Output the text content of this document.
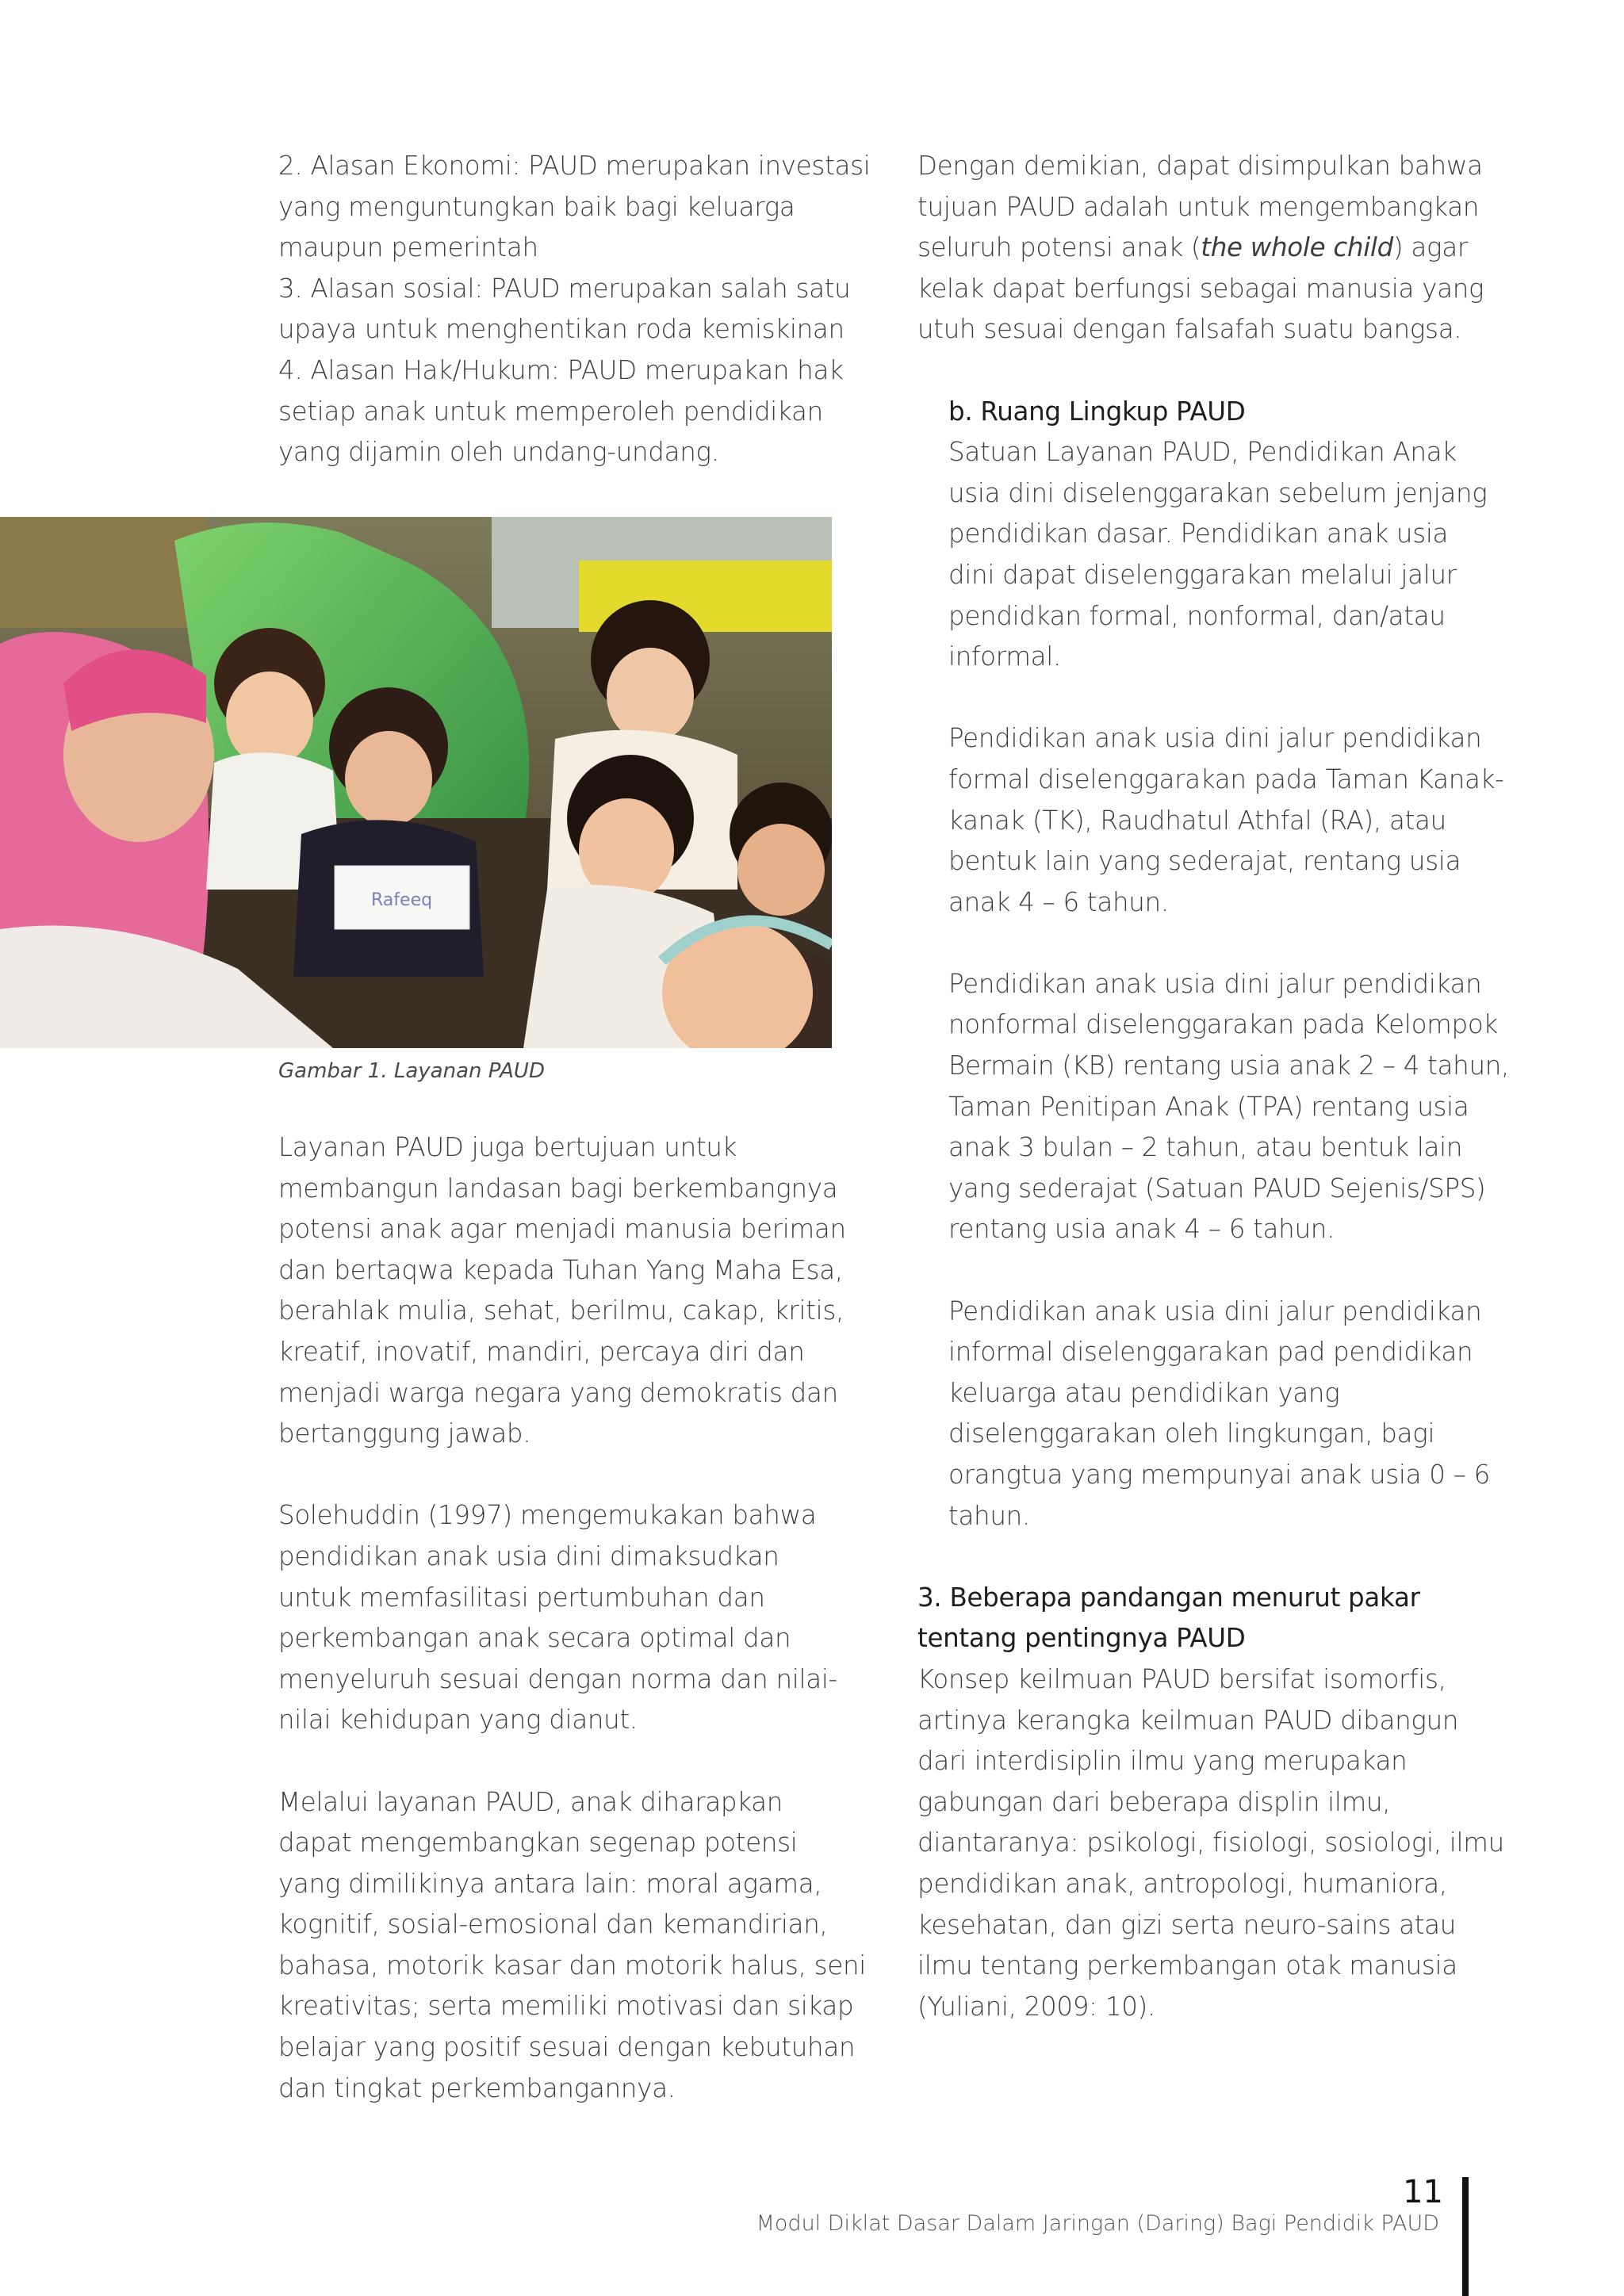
2. Alasan Ekonomi: PAUD merupakan investasi
yang menguntungkan baik bagi keluarga
maupun pemerintah
3. Alasan sosial: PAUD merupakan salah satu
upaya untuk menghentikan roda kemiskinan
4. Alasan Hak/Hukum: PAUD merupakan hak
setiap anak untuk memperoleh pendidikan
yang dijamin oleh undang-undang.

Rafeeq
Gambar 1. Layanan PAUD

Layanan PAUD juga bertujuan untuk
membangun landasan bagi berkembangnya
potensi anak agar menjadi manusia beriman
dan bertaqwa kepada Tuhan Yang Maha Esa,
berahlak mulia, sehat, berilmu, cakap, kritis,
kreatif, inovatif, mandiri, percaya diri dan
menjadi warga negara yang demokratis dan
bertanggung jawab.

Solehuddin (1997) mengemukakan bahwa
pendidikan anak usia dini dimaksudkan
untuk memfasilitasi pertumbuhan dan
perkembangan anak secara optimal dan
menyeluruh sesuai dengan norma dan nilai-
nilai kehidupan yang dianut.

Melalui layanan PAUD, anak diharapkan
dapat mengembangkan segenap potensi
yang dimilikinya antara lain: moral agama,
kognitif, sosial-emosional dan kemandirian,
bahasa, motorik kasar dan motorik halus, seni
kreativitas; serta memiliki motivasi dan sikap
belajar yang positif sesuai dengan kebutuhan
dan tingkat perkembangannya.

Dengan demikian, dapat disimpulkan bahwa
tujuan PAUD adalah untuk mengembangkan
seluruh potensi anak (the whole child) agar
kelak dapat berfungsi sebagai manusia yang
utuh sesuai dengan falsafah suatu bangsa.

b. Ruang Lingkup PAUD

Satuan Layanan PAUD, Pendidikan Anak
usia dini diselenggarakan sebelum jenjang
pendidikan dasar. Pendidikan anak usia
dini dapat diselenggarakan melalui jalur
pendidkan formal, nonformal, dan/atau
informal.

Pendidikan anak usia dini jalur pendidikan
formal diselenggarakan pada Taman Kanak-
kanak (TK), Raudhatul Athfal (RA), atau
bentuk lain yang sederajat, rentang usia
anak 4 – 6 tahun.

Pendidikan anak usia dini jalur pendidikan
nonformal diselenggarakan pada Kelompok
Bermain (KB) rentang usia anak 2 – 4 tahun,
Taman Penitipan Anak (TPA) rentang usia
anak 3 bulan – 2 tahun, atau bentuk lain
yang sederajat (Satuan PAUD Sejenis/SPS)
rentang usia anak 4 – 6 tahun.

Pendidikan anak usia dini jalur pendidikan
informal diselenggarakan pad pendidikan
keluarga atau pendidikan yang
diselenggarakan oleh lingkungan, bagi
orangtua yang mempunyai anak usia 0 – 6
tahun.

3. Beberapa pandangan menurut pakar
tentang pentingnya PAUD

Konsep keilmuan PAUD bersifat isomorfis,
artinya kerangka keilmuan PAUD dibangun
dari interdisiplin ilmu yang merupakan
gabungan dari beberapa displin ilmu,
diantaranya: psikologi, fisiologi, sosiologi, ilmu
pendidikan anak, antropologi, humaniora,
kesehatan, dan gizi serta neuro-sains atau
ilmu tentang perkembangan otak manusia
(Yuliani, 2009: 10).

11
Modul Diklat Dasar Dalam Jaringan (Daring) Bagi Pendidik PAUD
